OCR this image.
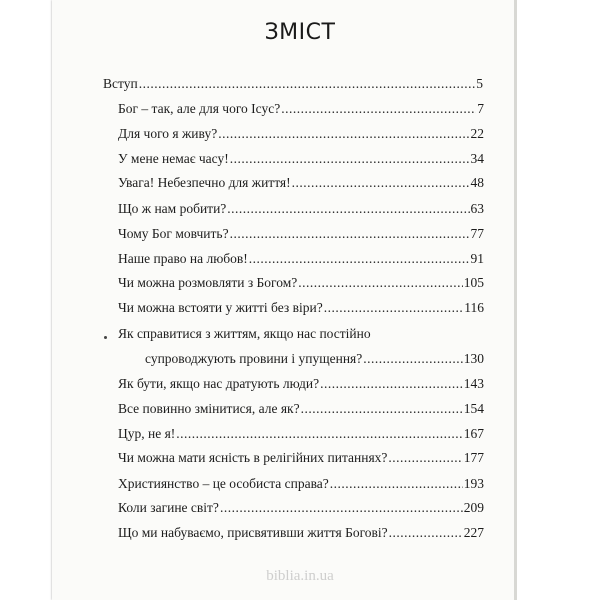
ЗМІСТ
Вступ .....	5
Бог – так, але для чого Ісус? .....	7
Для чого я живу? .....	22
У мене немає часу! .....	34
Увага! Небезпечно для життя! .....	48
Що ж нам робити? .....	63
Чому Бог мовчить? .....	77
Наше право на любов! .....	91
Чи можна розмовляти з Богом? .....	105
Чи можна встояти у житті без віри? .....	116
Як справитися з життям, якщо нас постійно
супроводжують провини і упущення? .....	130
Як бути, якщо нас дратують люди? .....	143
Все повинно змінитися, але як? .....	154
Цур, не я! .....	167
Чи можна мати ясність в релігійних питаннях? .....	177
Християнство – це особиста справа? .....	193
Коли загине світ? .....	209
Що ми набуваємо, присвятивши життя Богові? .....	227
biblia.in.ua
